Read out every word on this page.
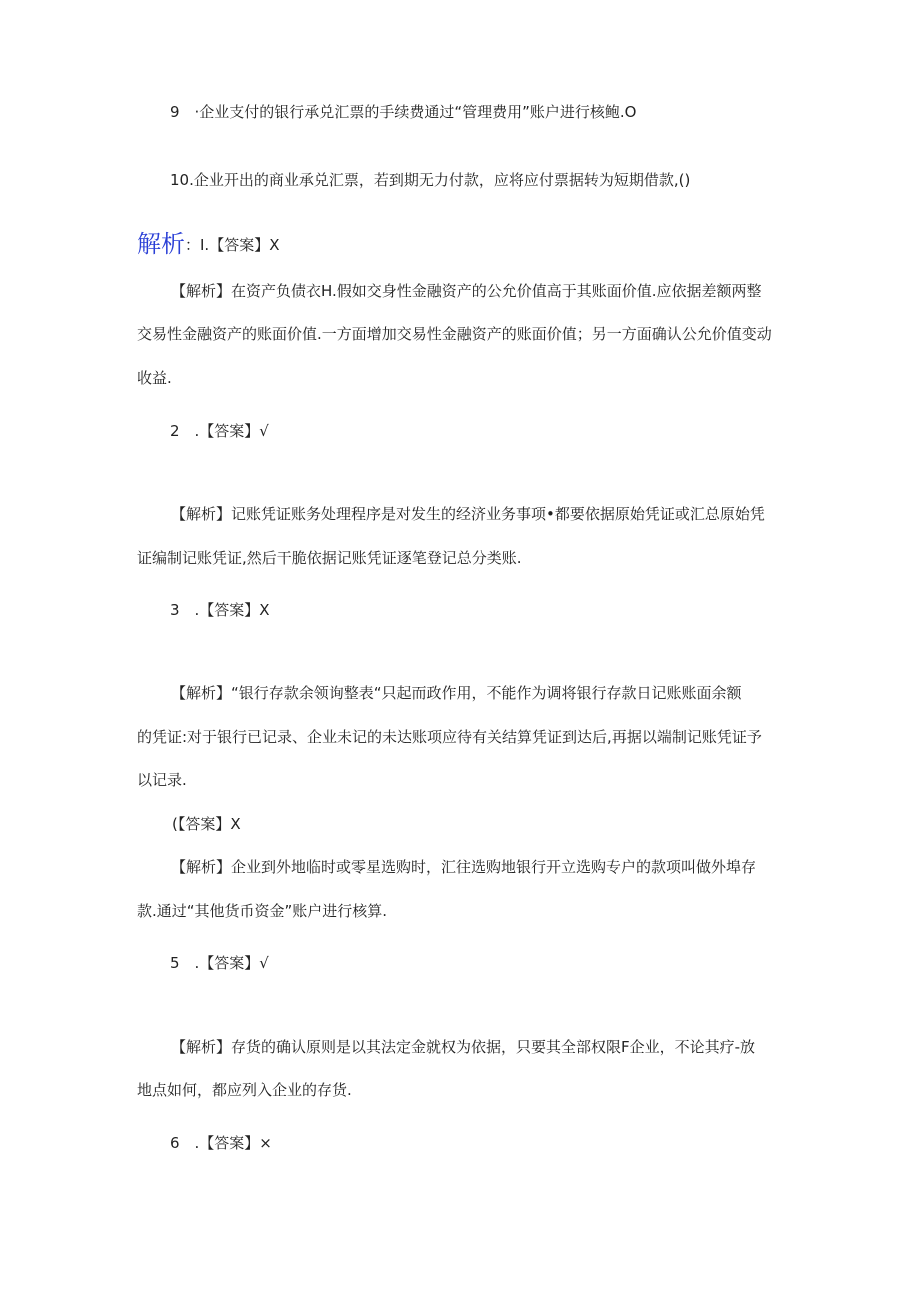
9　·企业支付的银行承兑汇票的手续费通过“管理费用”账户进行核鲍.O
10.企业开出的商业承兑汇票，若到期无力付款，应将应付票据转为短期借款,()
解析：I.【答案】X
【解析】在资产负债衣H.假如交身性金融资产的公允价值高于其账面价值.应依据差额两整
交易性金融资产的账面价值.一方面增加交易性金融资产的账面价值；另一方面确认公允价值变动
收益.
2　.【答案】√
【解析】记账凭证账务处理程序是对发生的经济业务事项•都要依据原始凭证或汇总原始凭
证编制记账凭证,然后干脆依据记账凭证逐笔登记总分类账.
3　.【答案】X
【解析】“银行存款余领询整表“只起而政作用，不能作为调将银行存款日记账账面余额
的凭证:对于银行已记录、企业未记的未达账项应待有关结算凭证到达后,再据以端制记账凭证予
以记录.
(【答案】X
【解析】企业到外地临时或零星选购时，汇往选购地银行开立选购专户的款项叫做外埠存
款.通过“其他货币资金”账户进行核算.
5　.【答案】√
【解析】存货的确认原则是以其法定金就权为依据，只要其全部权限F企业，不论其疗-放
地点如何，都应列入企业的存货.
6　.【答案】×
